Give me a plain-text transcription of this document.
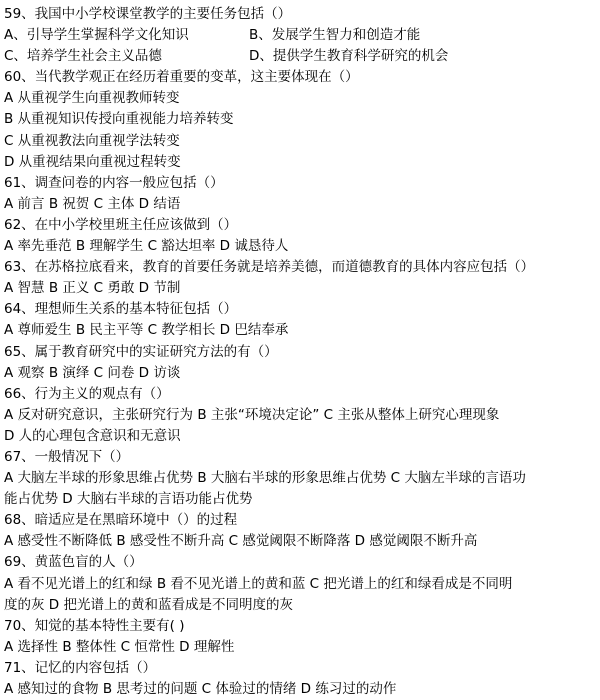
59、我国中小学校课堂教学的主要任务包括（）
A、引导学生掌握科学文化知识	B、发展学生智力和创造才能
C、培养学生社会主义品德	D、提供学生教育科学研究的机会
60、当代教学观正在经历着重要的变革，这主要体现在（）
A 从重视学生向重视教师转变
B 从重视知识传授向重视能力培养转变
C 从重视教法向重视学法转变
D 从重视结果向重视过程转变
61、调查问卷的内容一般应包括（）
A 前言 B 祝贺 C 主体 D 结语
62、在中小学校里班主任应该做到（）
A 率先垂范 B 理解学生 C 豁达坦率 D 诚恳待人
63、在苏格拉底看来，教育的首要任务就是培养美德，而道德教育的具体内容应包括（）
A 智慧 B 正义 C 勇敢 D 节制
64、理想师生关系的基本特征包括（）
A 尊师爱生 B 民主平等 C 教学相长 D 巴结奉承
65、属于教育研究中的实证研究方法的有（）
A 观察 B 演绎 C 问卷 D 访谈
66、行为主义的观点有（）
A 反对研究意识，主张研究行为 B 主张“环境决定论” C 主张从整体上研究心理现象
D 人的心理包含意识和无意识
67、一般情况下（）
A 大脑左半球的形象思维占优势 B 大脑右半球的形象思维占优势 C 大脑左半球的言语功
能占优势 D 大脑右半球的言语功能占优势
68、暗适应是在黑暗环境中（）的过程
A 感受性不断降低 B 感受性不断升高 C 感觉阈限不断降落 D 感觉阈限不断升高
69、黄蓝色盲的人（）
A 看不见光谱上的红和绿 B 看不见光谱上的黄和蓝 C 把光谱上的红和绿看成是不同明
度的灰 D 把光谱上的黄和蓝看成是不同明度的灰
70、知觉的基本特性主要有( )
A 选择性 B 整体性 C 恒常性 D 理解性
71、记忆的内容包括（）
A 感知过的食物 B 思考过的问题 C 体验过的情绪 D 练习过的动作
